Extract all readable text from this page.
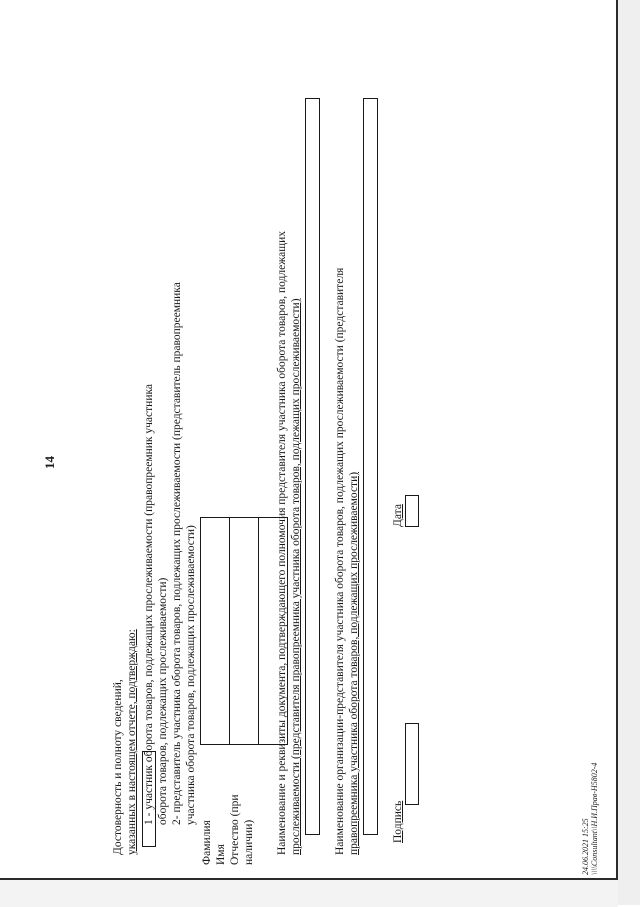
14
Достоверность и полноту сведений, указанных в настоящем отчете, подтверждаю: 1 - участник оборота товаров, подлежащих прослеживаемости (правопреемник участника оборота товаров, подлежащих прослеживаемости) 2- представитель участника оборота товаров, подлежащих прослеживаемости (представитель правопреемника участника оборота товаров, подлежащих прослеживаемости)
Фамилия Имя Отчество (при наличии) Наименование и реквизиты документа, подтверждающего полномочия представителя участника оборота товаров, подлежащих прослеживаемости (представителя правопреемника участника оборота товаров, подлежащих прослеживаемости)	Наименование организации-представителя участника оборота товаров, подлежащих прослеживаемости (представителя правопреемника участника оборота товаров, подлежащих прослеживаемости)	Подпись
Дата
24.06.2021 15:25 \\\\Consultant\\Н.И.Прав-Н5802-4
